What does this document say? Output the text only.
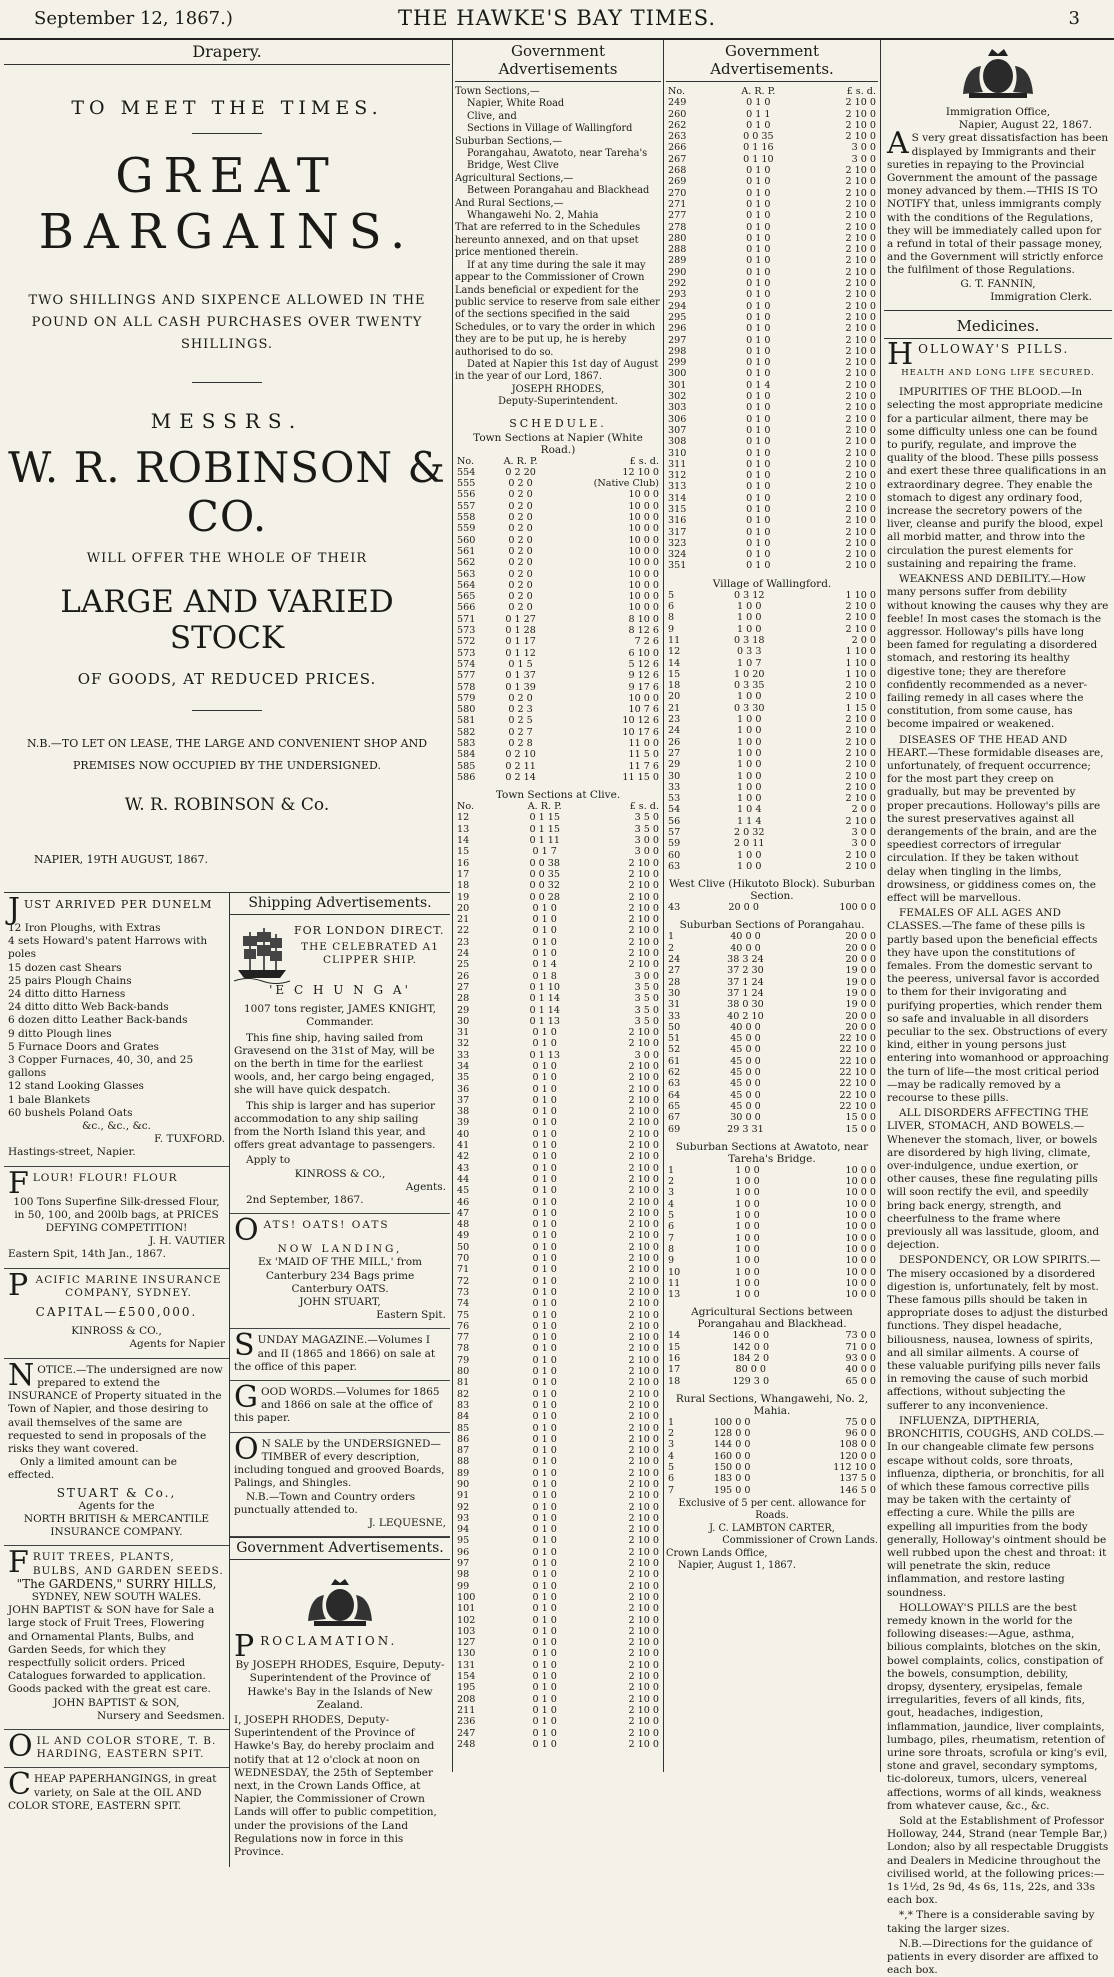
September 12, 1867.)	THE HAWKE'S BAY TIMES.	3
Drapery.
TO MEET THE TIMES.
GREAT BARGAINS.
TWO SHILLINGS AND SIXPENCE ALLOWED IN THE POUND ON ALL CASH PURCHASES OVER TWENTY SHILLINGS.
MESSRS.
W. R. ROBINSON & CO.
WILL OFFER THE WHOLE OF THEIR
LARGE AND VARIED STOCK
OF GOODS, AT REDUCED PRICES.
N.B.—TO LET ON LEASE, THE LARGE AND CONVENIENT SHOP AND PREMISES NOW OCCUPIED BY THE UNDERSIGNED.
W. R. ROBINSON & Co.
NAPIER, 19TH AUGUST, 1867.
JUST ARRIVED PER DUNELM
12 Iron Ploughs, with Extras
4 sets Howard's patent Harrows with poles
15 dozen cast Shears
25 pairs Plough Chains
24 ditto ditto Harness
24 ditto ditto Web Back-bands
6 dozen ditto Leather Back-bands
9 ditto Plough lines
5 Furnace Doors and Grates
3 Copper Furnaces, 40, 30, and 25 gallons
12 stand Looking Glasses
1 bale Blankets
60 bushels Poland Oats
&c., &c., &c.
F. TUXFORD.
Hastings-street, Napier.
FLOUR! FLOUR! FLOUR
100 Tons Superfine Silk-dressed Flour, in 50, 100, and 200lb bags, at PRICES DEFYING COMPETITION!
J. H. VAUTIER
Eastern Spit, 14th Jan., 1867.
PACIFIC MARINE INSURANCE COMPANY, SYDNEY.
CAPITAL—£500,000.
KINROSS & CO.,
Agents for Napier
NOTICE.—The undersigned are now prepared to extend the INSURANCE of Property situated in the Town of Napier, and those desiring to avail themselves of the same are requested to send in proposals of the risks they want covered.
Only a limited amount can be effected.
STUART & Co.,
Agents for the
NORTH BRITISH & MERCANTILE INSURANCE COMPANY.
FRUIT TREES, PLANTS, BULBS, AND GARDEN SEEDS.
"The GARDENS," SURRY HILLS,
SYDNEY, NEW SOUTH WALES.
JOHN BAPTIST & SON have for Sale a large stock of Fruit Trees, Flowering and Ornamental Plants, Bulbs, and Garden Seeds, for which they respectfully solicit orders. Priced Catalogues forwarded to application. Goods packed with the great est care.
JOHN BAPTIST & SON,
Nursery and Seedsmen.
OIL AND COLOR STORE, T. B. HARDING, EASTERN SPIT.
CHEAP PAPERHANGINGS, in great variety, on Sale at the OIL AND COLOR STORE, EASTERN SPIT.
Shipping Advertisements.
FOR LONDON DIRECT.
THE CELEBRATED A1 CLIPPER SHIP.
'E C H U N G A'
1007 tons register, JAMES KNIGHT, Commander.

This fine ship, having sailed from Gravesend on the 31st of May, will be on the berth in time for the earliest wools, and, her cargo being engaged, she will have quick despatch.

This ship is larger and has superior accommodation to any ship sailing from the North Island this year, and offers great advantage to passengers.

Apply to
KINROSS & CO.,
Agents.
2nd September, 1867.
OATS! OATS! OATS
NOW LANDING,
Ex 'MAID OF THE MILL,' from Canterbury 234 Bags prime Canterbury OATS.
JOHN STUART,
Eastern Spit.
SUNDAY MAGAZINE.—Volumes I and II (1865 and 1866) on sale at the office of this paper.
GOOD WORDS.—Volumes for 1865 and 1866 on sale at the office of this paper.
ON SALE by the UNDERSIGNED— TIMBER of every description, including tongued and grooved Boards, Palings, and Shingles.
N.B.—Town and Country orders punctually attended to.
J. LEQUESNE,
Government Advertisements.
PROCLAMATION.

By JOSEPH RHODES, Esquire, Deputy-Superintendent of the Province of Hawke's Bay in the Islands of New Zealand.

I, JOSEPH RHODES, Deputy-Superintendent of the Province of Hawke's Bay, do hereby proclaim and notify that at 12 o'clock at noon on WEDNESDAY, the 25th of September next, in the Crown Lands Office, at Napier, the Commissioner of Crown Lands will offer to public competition, under the provisions of the Land Regulations now in force in this Province.

Government Advertisements
Town Sections,—
Napier, White Road
Clive, and
Sections in Village of Wallingford
Suburban Sections,—
Porangahau, Awatoto, near Tareha's Bridge, West Clive
Agricultural Sections,—
Between Porangahau and Blackhead
And Rural Sections,—
Whangawehi No. 2, Mahia
That are referred to in the Schedules hereunto annexed, and on that upset price mentioned therein.
If at any time during the sale it may appear to the Commissioner of Crown Lands beneficial or expedient for the public service to reserve from sale either of the sections specified in the said Schedules, or to vary the order in which they are to be put up, he is hereby authorised to do so.
Dated at Napier this 1st day of August in the year of our Lord, 1867.
JOSEPH RHODES,
Deputy-Superintendent.
SCHEDULE.
Town Sections at Napier (White Road.)
No.	A. R. P.	£ s. d.
554	0 2 20	12 10 0
555	0 2 0	(Native Club)
556	0 2 0	10 0 0
557	0 2 0	10 0 0
558	0 2 0	10 0 0
559	0 2 0	10 0 0
560	0 2 0	10 0 0
561	0 2 0	10 0 0
562	0 2 0	10 0 0
563	0 2 0	10 0 0
564	0 2 0	10 0 0
565	0 2 0	10 0 0
566	0 2 0	10 0 0
571	0 1 27	8 10 0
573	0 1 28	8 12 6
572	0 1 17	7 2 6
573	0 1 12	6 10 0
574	0 1 5	5 12 6
577	0 1 37	9 12 6
578	0 1 39	9 17 6
579	0 2 0	10 0 0
580	0 2 3	10 7 6
581	0 2 5	10 12 6
582	0 2 7	10 17 6
583	0 2 8	11 0 0
584	0 2 10	11 5 0
585	0 2 11	11 7 6
586	0 2 14	11 15 0
Town Sections at Clive.
No.	A. R. P.	£ s. d.
12	0 1 15	3 5 0
13	0 1 15	3 5 0
14	0 1 11	3 0 0
15	0 1 7	3 0 0
16	0 0 38	2 10 0
17	0 0 35	2 10 0
18	0 0 32	2 10 0
19	0 0 28	2 10 0
20	0 1 0	2 10 0
21	0 1 0	2 10 0
22	0 1 0	2 10 0
23	0 1 0	2 10 0
24	0 1 0	2 10 0
25	0 1 4	2 10 0
26	0 1 8	3 0 0
27	0 1 10	3 5 0
28	0 1 14	3 5 0
29	0 1 14	3 5 0
30	0 1 13	3 5 0
31	0 1 0	2 10 0
32	0 1 0	2 10 0
33	0 1 13	3 0 0
34	0 1 0	2 10 0
35	0 1 0	2 10 0
36	0 1 0	2 10 0
37	0 1 0	2 10 0
38	0 1 0	2 10 0
39	0 1 0	2 10 0
40	0 1 0	2 10 0
41	0 1 0	2 10 0
42	0 1 0	2 10 0
43	0 1 0	2 10 0
44	0 1 0	2 10 0
45	0 1 0	2 10 0
46	0 1 0	2 10 0
47	0 1 0	2 10 0
48	0 1 0	2 10 0
49	0 1 0	2 10 0
50	0 1 0	2 10 0
70	0 1 0	2 10 0
71	0 1 0	2 10 0
72	0 1 0	2 10 0
73	0 1 0	2 10 0
74	0 1 0	2 10 0
75	0 1 0	2 10 0
76	0 1 0	2 10 0
77	0 1 0	2 10 0
78	0 1 0	2 10 0
79	0 1 0	2 10 0
80	0 1 0	2 10 0
81	0 1 0	2 10 0
82	0 1 0	2 10 0
83	0 1 0	2 10 0
84	0 1 0	2 10 0
85	0 1 0	2 10 0
86	0 1 0	2 10 0
87	0 1 0	2 10 0
88	0 1 0	2 10 0
89	0 1 0	2 10 0
90	0 1 0	2 10 0
91	0 1 0	2 10 0
92	0 1 0	2 10 0
93	0 1 0	2 10 0
94	0 1 0	2 10 0
95	0 1 0	2 10 0
96	0 1 0	2 10 0
97	0 1 0	2 10 0
98	0 1 0	2 10 0
99	0 1 0	2 10 0
100	0 1 0	2 10 0
101	0 1 0	2 10 0
102	0 1 0	2 10 0
103	0 1 0	2 10 0
127	0 1 0	2 10 0
130	0 1 0	2 10 0
131	0 1 0	2 10 0
154	0 1 0	2 10 0
195	0 1 0	2 10 0
208	0 1 0	2 10 0
211	0 1 0	2 10 0
236	0 1 0	2 10 0
247	0 1 0	2 10 0
248	0 1 0	2 10 0
Government Advertisements.
No.	A. R. P.	£ s. d.
249	0 1 0	2 10 0
260	0 1 1	2 10 0
262	0 1 0	2 10 0
263	0 0 35	2 10 0
266	0 1 16	3 0 0
267	0 1 10	3 0 0
268	0 1 0	2 10 0
269	0 1 0	2 10 0
270	0 1 0	2 10 0
271	0 1 0	2 10 0
277	0 1 0	2 10 0
278	0 1 0	2 10 0
280	0 1 0	2 10 0
288	0 1 0	2 10 0
289	0 1 0	2 10 0
290	0 1 0	2 10 0
292	0 1 0	2 10 0
293	0 1 0	2 10 0
294	0 1 0	2 10 0
295	0 1 0	2 10 0
296	0 1 0	2 10 0
297	0 1 0	2 10 0
298	0 1 0	2 10 0
299	0 1 0	2 10 0
300	0 1 0	2 10 0
301	0 1 4	2 10 0
302	0 1 0	2 10 0
303	0 1 0	2 10 0
306	0 1 0	2 10 0
307	0 1 0	2 10 0
308	0 1 0	2 10 0
310	0 1 0	2 10 0
311	0 1 0	2 10 0
312	0 1 0	2 10 0
313	0 1 0	2 10 0
314	0 1 0	2 10 0
315	0 1 0	2 10 0
316	0 1 0	2 10 0
317	0 1 0	2 10 0
323	0 1 0	2 10 0
324	0 1 0	2 10 0
351	0 1 0	2 10 0
Village of Wallingford.
5	0 3 12	1 10 0
6	1 0 0	2 10 0
8	1 0 0	2 10 0
9	1 0 0	2 10 0
11	0 3 18	2 0 0
12	0 3 3	1 10 0
14	1 0 7	1 10 0
15	1 0 20	1 10 0
18	0 3 35	2 10 0
20	1 0 0	2 10 0
21	0 3 30	1 15 0
23	1 0 0	2 10 0
24	1 0 0	2 10 0
26	1 0 0	2 10 0
27	1 0 0	2 10 0
29	1 0 0	2 10 0
30	1 0 0	2 10 0
33	1 0 0	2 10 0
53	1 0 0	2 10 0
54	1 0 4	2 0 0
56	1 1 4	2 10 0
57	2 0 32	3 0 0
59	2 0 11	3 0 0
60	1 0 0	2 10 0
63	1 0 0	2 10 0
West Clive (Hikutoto Block). Suburban Section.
43	20 0 0	100 0 0
Suburban Sections of Porangahau.
1	40 0 0	20 0 0
2	40 0 0	20 0 0
24	38 3 24	20 0 0
27	37 2 30	19 0 0
28	37 1 24	19 0 0
30	37 1 24	19 0 0
31	38 0 30	19 0 0
33	40 2 10	20 0 0
50	40 0 0	20 0 0
51	45 0 0	22 10 0
52	45 0 0	22 10 0
61	45 0 0	22 10 0
62	45 0 0	22 10 0
63	45 0 0	22 10 0
64	45 0 0	22 10 0
65	45 0 0	22 10 0
67	30 0 0	15 0 0
69	29 3 31	15 0 0
Suburban Sections at Awatoto, near Tareha's Bridge.
1	1 0 0	10 0 0
2	1 0 0	10 0 0
3	1 0 0	10 0 0
4	1 0 0	10 0 0
5	1 0 0	10 0 0
6	1 0 0	10 0 0
7	1 0 0	10 0 0
8	1 0 0	10 0 0
9	1 0 0	10 0 0
10	1 0 0	10 0 0
11	1 0 0	10 0 0
13	1 0 0	10 0 0
Agricultural Sections between Porangahau and Blackhead.
14	146 0 0	73 0 0
15	142 0 0	71 0 0
16	184 2 0	93 0 0
17	80 0 0	40 0 0
18	129 3 0	65 0 0
Rural Sections, Whangawehi, No. 2, Mahia.
1	100 0 0	75 0 0
2	128 0 0	96 0 0
3	144 0 0	108 0 0
4	160 0 0	120 0 0
5	150 0 0	112 10 0
6	183 0 0	137 5 0
7	195 0 0	146 5 0
Exclusive of 5 per cent. allowance for Roads.
J. C. LAMBTON CARTER,
Commissioner of Crown Lands.
Crown Lands Office,
Napier, August 1, 1867.
Immigration Office,
Napier, August 22, 1867.
AS very great dissatisfaction has been displayed by Immigrants and their sureties in repaying to the Provincial Government the amount of the passage money advanced by them.—THIS IS TO NOTIFY that, unless immigrants comply with the conditions of the Regulations, they will be immediately called upon for a refund in total of their passage money, and the Government will strictly enforce the fulfilment of those Regulations.
G. T. FANNIN,
Immigration Clerk.
Medicines.
HOLLOWAY'S PILLS.
HEALTH AND LONG LIFE SECURED.

IMPURITIES OF THE BLOOD.—In selecting the most appropriate medicine for a particular ailment, there may be some difficulty unless one can be found to purify, regulate, and improve the quality of the blood. These pills possess and exert these three qualifications in an extraordinary degree. They enable the stomach to digest any ordinary food, increase the secretory powers of the liver, cleanse and purify the blood, expel all morbid matter, and throw into the circulation the purest elements for sustaining and repairing the frame.

WEAKNESS AND DEBILITY.—How many persons suffer from debility without knowing the causes why they are feeble! In most cases the stomach is the aggressor. Holloway's pills have long been famed for regulating a disordered stomach, and restoring its healthy digestive tone; they are therefore confidently recommended as a never-failing remedy in all cases where the constitution, from some cause, has become impaired or weakened.

DISEASES OF THE HEAD AND HEART.—These formidable diseases are, unfortunately, of frequent occurrence; for the most part they creep on gradually, but may be prevented by proper precautions. Holloway's pills are the surest preservatives against all derangements of the brain, and are the speediest correctors of irregular circulation. If they be taken without delay when tingling in the limbs, drowsiness, or giddiness comes on, the effect will be marvellous.

FEMALES OF ALL AGES AND CLASSES.—The fame of these pills is partly based upon the beneficial effects they have upon the constitutions of females. From the domestic servant to the peeress, universal favor is accorded to them for their invigorating and purifying properties, which render them so safe and invaluable in all disorders peculiar to the sex. Obstructions of every kind, either in young persons just entering into womanhood or approaching the turn of life—the most critical period—may be radically removed by a recourse to these pills.

ALL DISORDERS AFFECTING THE LIVER, STOMACH, AND BOWELS.—Whenever the stomach, liver, or bowels are disordered by high living, climate, over-indulgence, undue exertion, or other causes, these fine regulating pills will soon rectify the evil, and speedily bring back energy, strength, and cheerfulness to the frame where previously all was lassitude, gloom, and dejection.

DESPONDENCY, OR LOW SPIRITS.—The misery occasioned by a disordered digestion is, unfortunately, felt by most. These famous pills should be taken in appropriate doses to adjust the disturbed functions. They dispel headache, biliousness, nausea, lowness of spirits, and all similar ailments. A course of these valuable purifying pills never fails in removing the cause of such morbid affections, without subjecting the sufferer to any inconvenience.

INFLUENZA, DIPTHERIA, BRONCHITIS, COUGHS, AND COLDS.—In our changeable climate few persons escape without colds, sore throats, influenza, diptheria, or bronchitis, for all of which these famous corrective pills may be taken with the certainty of effecting a cure. While the pills are expelling all impurities from the body generally, Holloway's ointment should be well rubbed upon the chest and throat: it will penetrate the skin, reduce inflammation, and restore lasting soundness.

HOLLOWAY'S PILLS are the best remedy known in the world for the following diseases:—Ague, asthma, bilious complaints, blotches on the skin, bowel complaints, colics, constipation of the bowels, consumption, debility, dropsy, dysentery, erysipelas, female irregularities, fevers of all kinds, fits, gout, headaches, indigestion, inflammation, jaundice, liver complaints, lumbago, piles, rheumatism, retention of urine sore throats, scrofula or king's evil, stone and gravel, secondary symptoms, tic-doloreux, tumors, ulcers, venereal affections, worms of all kinds, weakness from whatever cause, &c., &c.

Sold at the Establishment of Professor Holloway, 244, Strand (near Temple Bar,) London; also by all respectable Druggists and Dealers in Medicine throughout the civilised world, at the following prices:—1s 1½d, 2s 9d, 4s 6s, 11s, 22s, and 33s each box.

*,* There is a considerable saving by taking the larger sizes.

N.B.—Directions for the guidance of patients in every disorder are affixed to each box.
